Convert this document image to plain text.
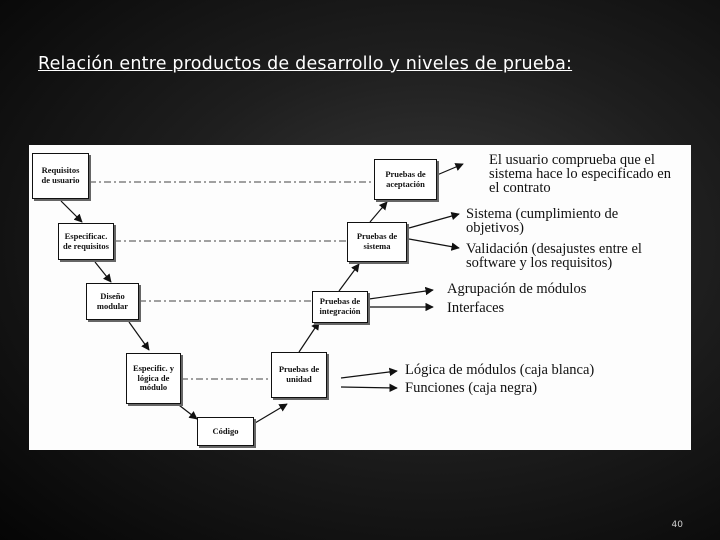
Relación entre productos de desarrollo y niveles de prueba:
Requisitos
de usuario
Especificac.
de requisitos
Diseño
modular
Especific. y
lógica de
módulo
Código
Pruebas de
aceptación
Pruebas de
sistema
Pruebas de
integración
Pruebas de
unidad
El usuario comprueba que el
sistema hace lo especificado en
el contrato
Sistema (cumplimiento de
objetivos)
Validación (desajustes entre el
software y los requisitos)
Agrupación de módulos
Interfaces
Lógica de módulos (caja blanca)
Funciones (caja negra)
40
